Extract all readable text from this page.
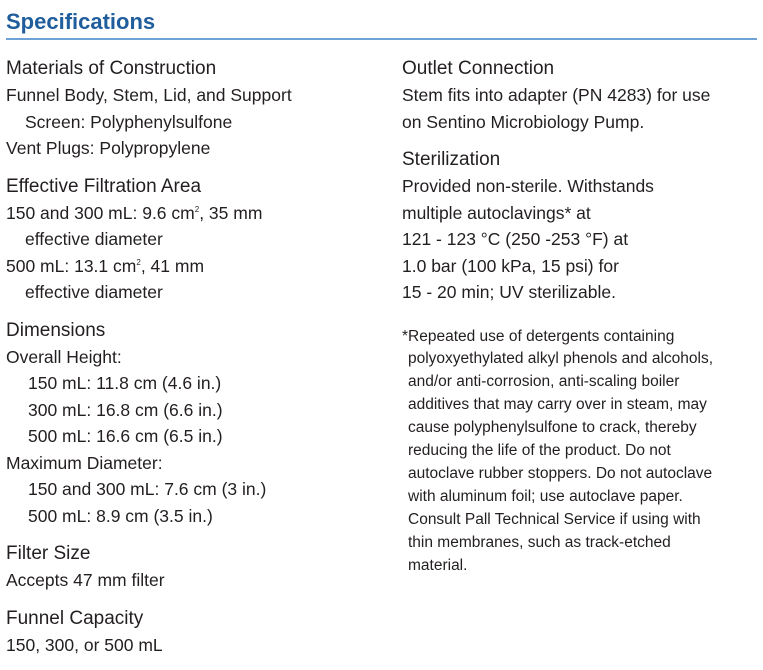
Specifications
Materials of Construction
Funnel Body, Stem, Lid, and Support
Screen: Polyphenylsulfone
Vent Plugs: Polypropylene
Effective Filtration Area
150 and 300 mL: 9.6 $cm^2$, 35 mm
effective diameter
500 mL: 13.1 $cm^2$, 41 mm
effective diameter
Dimensions
Overall Height:
150 mL: 11.8 cm (4.6 in.)
300 mL: 16.8 cm (6.6 in.)
500 mL: 16.6 cm (6.5 in.)
Maximum Diameter:
150 and 300 mL: 7.6 cm (3 in.)
500 mL: 8.9 cm (3.5 in.)
Filter Size
Accepts 47 mm filter
Funnel Capacity
150, 300, or 500 mL
Outlet Connection
Stem fits into adapter (PN 4283) for use
on Sentino Microbiology Pump.
Sterilization
Provided non-sterile. Withstands
multiple autoclavings* at
121 - 123 °C (250 -253 °F) at
1.0 bar (100 kPa, 15 psi) for
15 - 20 min; UV sterilizable.
*Repeated use of detergents containing
polyoxyethylated alkyl phenols and alcohols,
and/or anti-corrosion, anti-scaling boiler
additives that may carry over in steam, may
cause polyphenylsulfone to crack, thereby
reducing the life of the product. Do not
autoclave rubber stoppers. Do not autoclave
with aluminum foil; use autoclave paper.
Consult Pall Technical Service if using with
thin membranes, such as track-etched
material.
